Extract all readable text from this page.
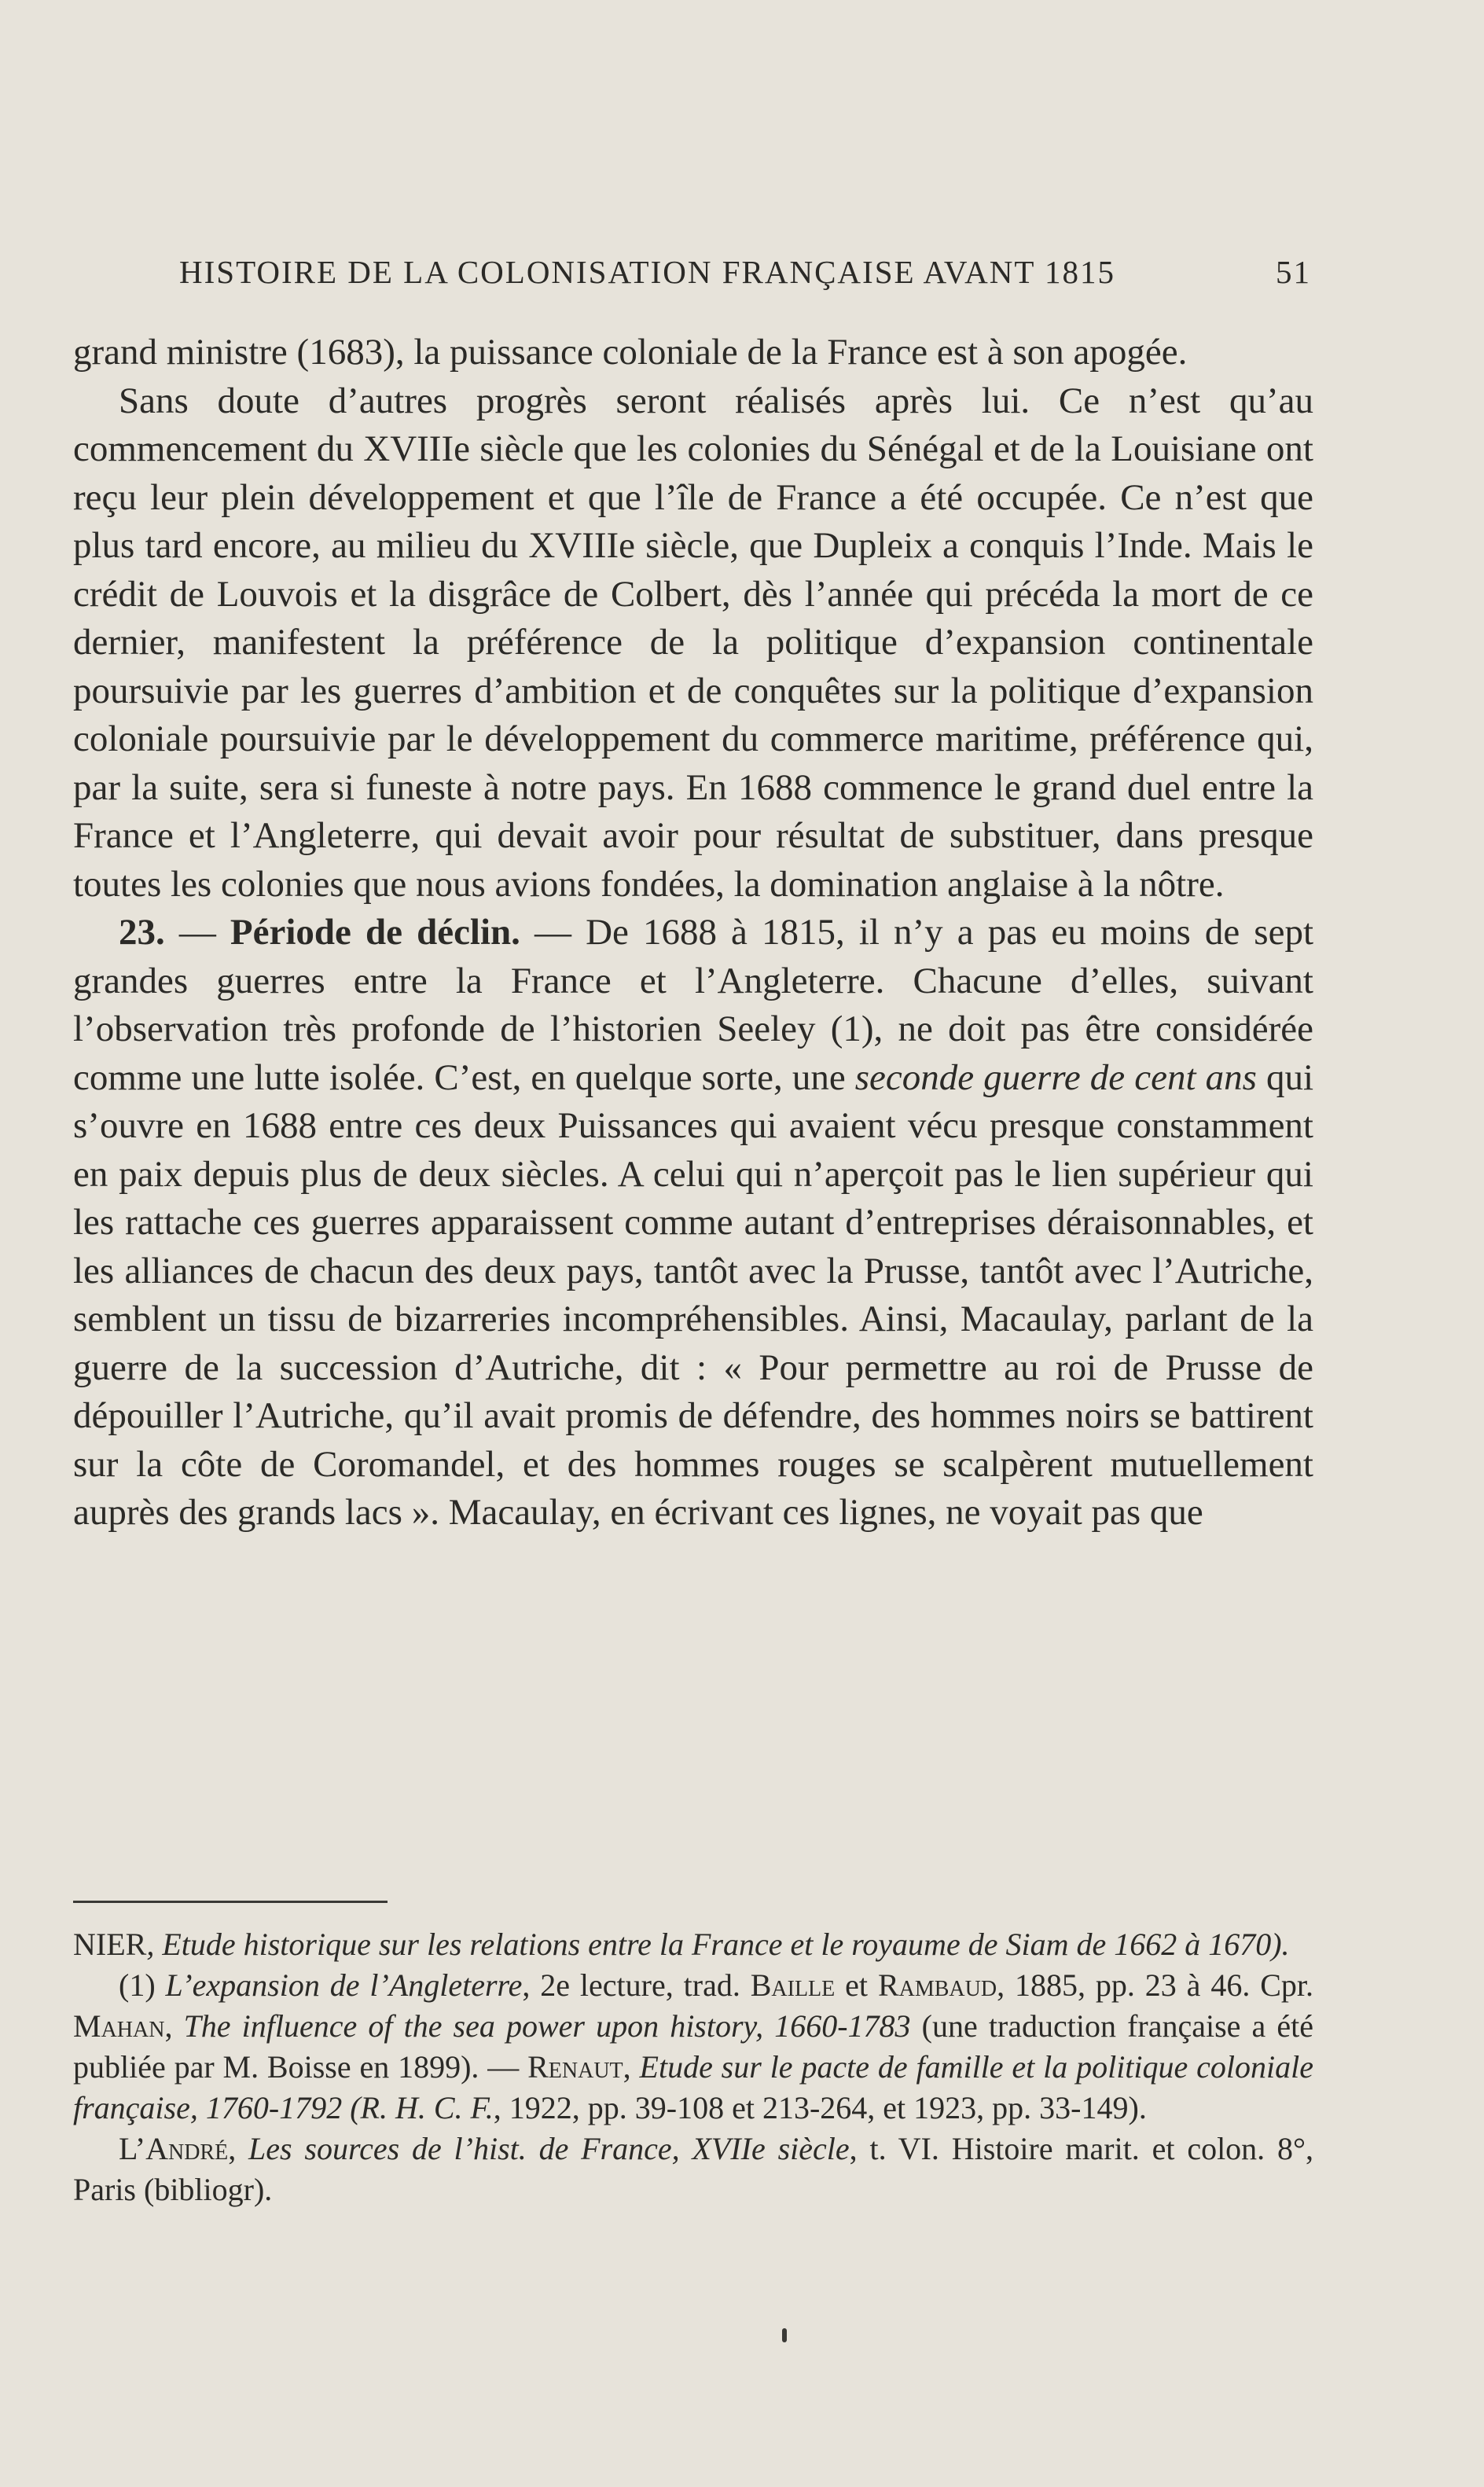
HISTOIRE DE LA COLONISATION FRANÇAISE AVANT 1815	51

grand ministre (1683), la puissance coloniale de la France est à son apogée.

Sans doute d’autres progrès seront réalisés après lui. Ce n’est qu’au commencement du XVIIIe siècle que les colonies du Sénégal et de la Louisiane ont reçu leur plein développement et que l’île de France a été occupée. Ce n’est que plus tard encore, au milieu du XVIIIe siècle, que Dupleix a conquis l’Inde. Mais le crédit de Louvois et la disgrâce de Colbert, dès l’année qui précéda la mort de ce dernier, manifestent la préférence de la politique d’expansion continentale poursuivie par les guerres d’ambition et de conquêtes sur la politique d’expansion coloniale poursuivie par le développement du commerce maritime, préférence qui, par la suite, sera si funeste à notre pays. En 1688 commence le grand duel entre la France et l’Angleterre, qui devait avoir pour résultat de substituer, dans presque toutes les colonies que nous avions fondées, la domination anglaise à la nôtre.

23. — Période de déclin. — De 1688 à 1815, il n’y a pas eu moins de sept grandes guerres entre la France et l’Angleterre. Chacune d’elles, suivant l’observation très profonde de l’historien Seeley (1), ne doit pas être considérée comme une lutte isolée. C’est, en quelque sorte, une seconde guerre de cent ans qui s’ouvre en 1688 entre ces deux Puissances qui avaient vécu presque constamment en paix depuis plus de deux siècles. A celui qui n’aperçoit pas le lien supérieur qui les rattache ces guerres apparaissent comme autant d’entreprises déraisonnables, et les alliances de chacun des deux pays, tantôt avec la Prusse, tantôt avec l’Autriche, semblent un tissu de bizarreries incompréhensibles. Ainsi, Macaulay, parlant de la guerre de la succession d’Autriche, dit : « Pour permettre au roi de Prusse de dépouiller l’Autriche, qu’il avait promis de défendre, des hommes noirs se battirent sur la côte de Coromandel, et des hommes rouges se scalpèrent mutuellement auprès des grands lacs ». Macaulay, en écrivant ces lignes, ne voyait pas que

NIER, Etude historique sur les relations entre la France et le royaume de Siam de 1662 à 1670).

(1) L’expansion de l’Angleterre, 2e lecture, trad. Baille et Rambaud, 1885, pp. 23 à 46. Cpr. Mahan, The influence of the sea power upon history, 1660-1783 (une traduction française a été publiée par M. Boisse en 1899). — Renaut, Etude sur le pacte de famille et la politique coloniale française, 1760-1792 (R. H. C. F., 1922, pp. 39-108 et 213-264, et 1923, pp. 33-149).

L’André, Les sources de l’hist. de France, XVIIe siècle, t. VI. Histoire marit. et colon. 8°, Paris (bibliogr).
